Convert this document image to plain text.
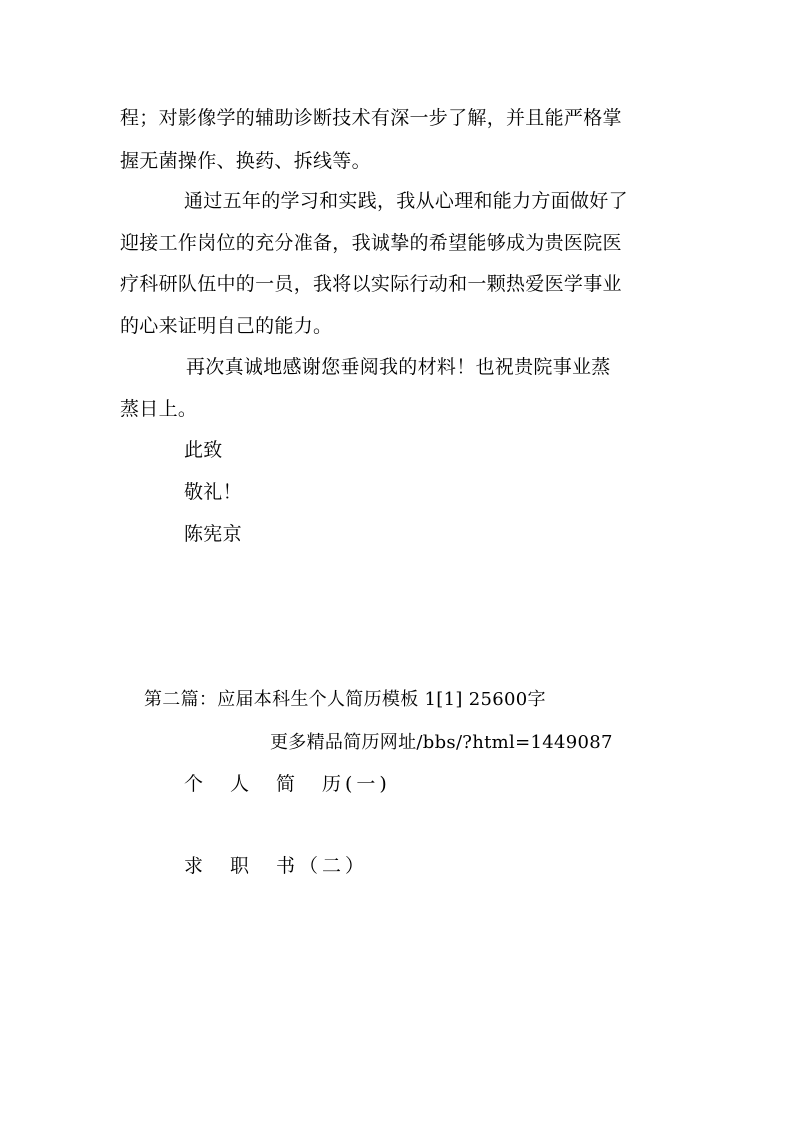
程；对影像学的辅助诊断技术有深一步了解，并且能严格掌
握无菌操作、换药、拆线等。
通过五年的学习和实践，我从心理和能力方面做好了
迎接工作岗位的充分准备，我诚挚的希望能够成为贵医院医
疗科研队伍中的一员，我将以实际行动和一颗热爱医学事业
的心来证明自己的能力。
再次真诚地感谢您垂阅我的材料！也祝贵院事业蒸
蒸日上。
此致
敬礼！
陈宪京
第二篇：应届本科生个人简历模板 1[1] 25600字
更多精品简历网址/bbs/?html=1449087
个　人　简　历(一)
求　职　书（二）
